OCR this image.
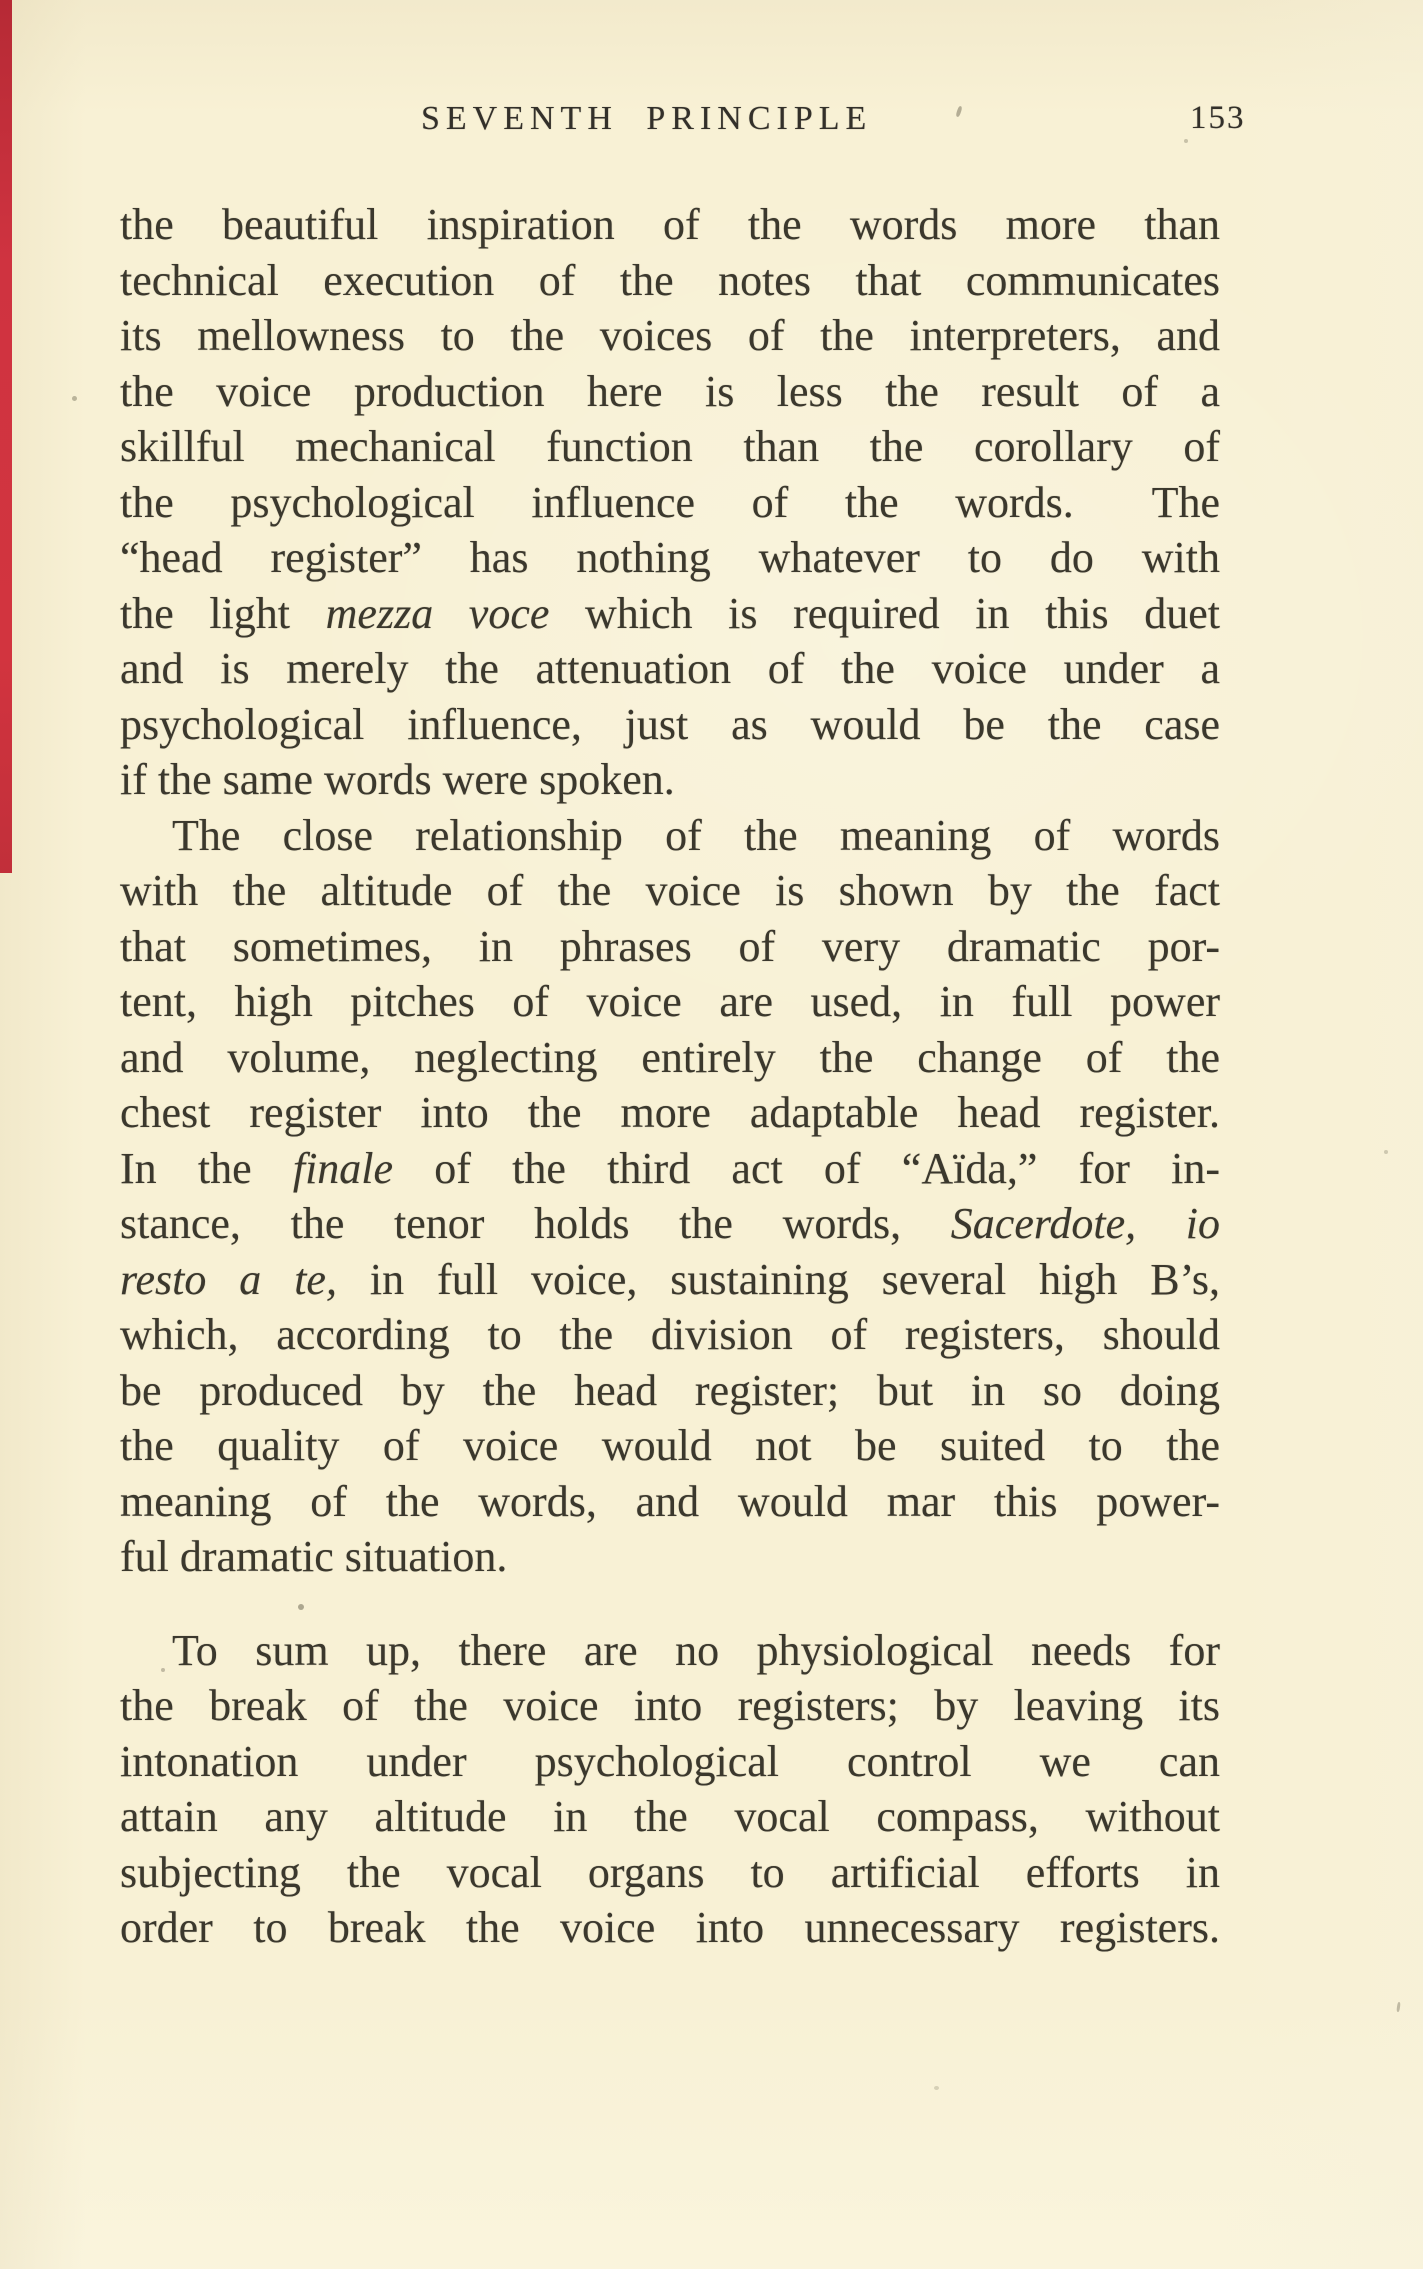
SEVENTH PRINCIPLE	153
the beautiful inspiration of the words more than
technical execution of the notes that communicates
its mellowness to the voices of the interpreters, and
the voice production here is less the result of a
skillful mechanical function than the corollary of
the psychological influence of the words.  The
“head register” has nothing whatever to do with
the light mezza voce which is required in this duet
and is merely the attenuation of the voice under a
psychological influence, just as would be the case
if the same words were spoken.
The close relationship of the meaning of words
with the altitude of the voice is shown by the fact
that sometimes, in phrases of very dramatic por-
tent, high pitches of voice are used, in full power
and volume, neglecting entirely the change of the
chest register into the more adaptable head register.
In the finale of the third act of “Aïda,” for in-
stance, the tenor holds the words, Sacerdote, io
resto a te, in full voice, sustaining several high B’s,
which, according to the division of registers, should
be produced by the head register; but in so doing
the quality of voice would not be suited to the
meaning of the words, and would mar this power-
ful dramatic situation.
To sum up, there are no physiological needs for
the break of the voice into registers; by leaving its
intonation under psychological control we can
attain any altitude in the vocal compass, without
subjecting the vocal organs to artificial efforts in
order to break the voice into unnecessary registers.
